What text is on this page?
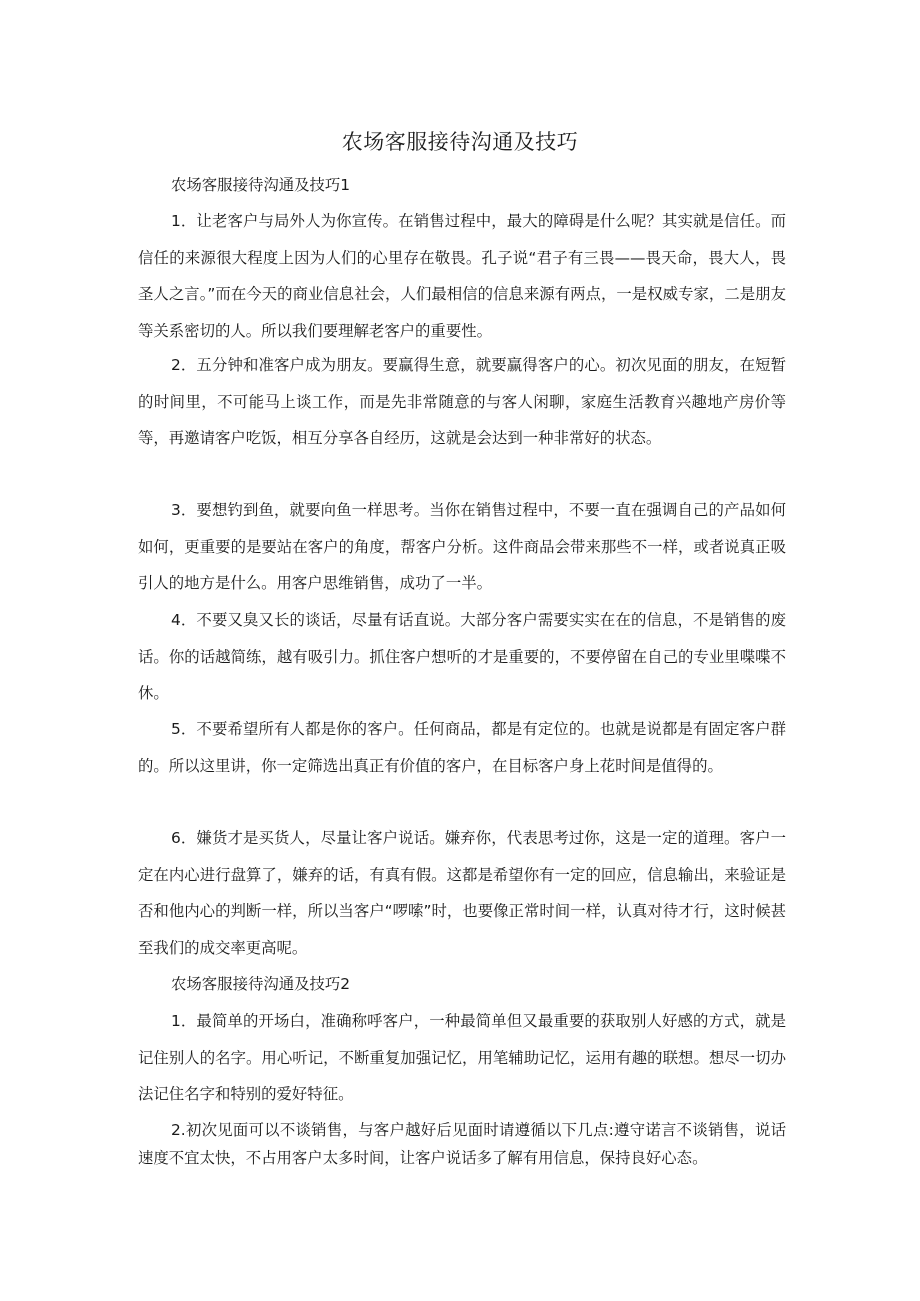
农场客服接待沟通及技巧

农场客服接待沟通及技巧1

1．让老客户与局外人为你宣传。在销售过程中，最大的障碍是什么呢？其实就是信任。而信任的来源很大程度上因为人们的心里存在敬畏。孔子说“君子有三畏——畏天命，畏大人，畏圣人之言。”而在今天的商业信息社会，人们最相信的信息来源有两点，一是权威专家，二是朋友等关系密切的人。所以我们要理解老客户的重要性。

2．五分钟和准客户成为朋友。要赢得生意，就要赢得客户的心。初次见面的朋友，在短暂的时间里，不可能马上谈工作，而是先非常随意的与客人闲聊，家庭生活教育兴趣地产房价等等，再邀请客户吃饭，相互分享各自经历，这就是会达到一种非常好的状态。

3．要想钓到鱼，就要向鱼一样思考。当你在销售过程中，不要一直在强调自己的产品如何如何，更重要的是要站在客户的角度，帮客户分析。这件商品会带来那些不一样，或者说真正吸引人的地方是什么。用客户思维销售，成功了一半。

4．不要又臭又长的谈话，尽量有话直说。大部分客户需要实实在在的信息，不是销售的废话。你的话越简练，越有吸引力。抓住客户想听的才是重要的，不要停留在自己的专业里喋喋不休。

5．不要希望所有人都是你的客户。任何商品，都是有定位的。也就是说都是有固定客户群的。所以这里讲，你一定筛选出真正有价值的客户，在目标客户身上花时间是值得的。

6．嫌货才是买货人，尽量让客户说话。嫌弃你，代表思考过你，这是一定的道理。客户一定在内心进行盘算了，嫌弃的话，有真有假。这都是希望你有一定的回应，信息输出，来验证是否和他内心的判断一样，所以当客户“啰嗦”时，也要像正常时间一样，认真对待才行，这时候甚至我们的成交率更高呢。

农场客服接待沟通及技巧2

1．最简单的开场白，准确称呼客户，一种最简单但又最重要的获取别人好感的方式，就是记住别人的名字。用心听记，不断重复加强记忆，用笔辅助记忆，运用有趣的联想。想尽一切办法记住名字和特别的爱好特征。

2.初次见面可以不谈销售，与客户越好后见面时请遵循以下几点:遵守诺言不谈销售，说话速度不宜太快，不占用客户太多时间，让客户说话多了解有用信息，保持良好心态。
